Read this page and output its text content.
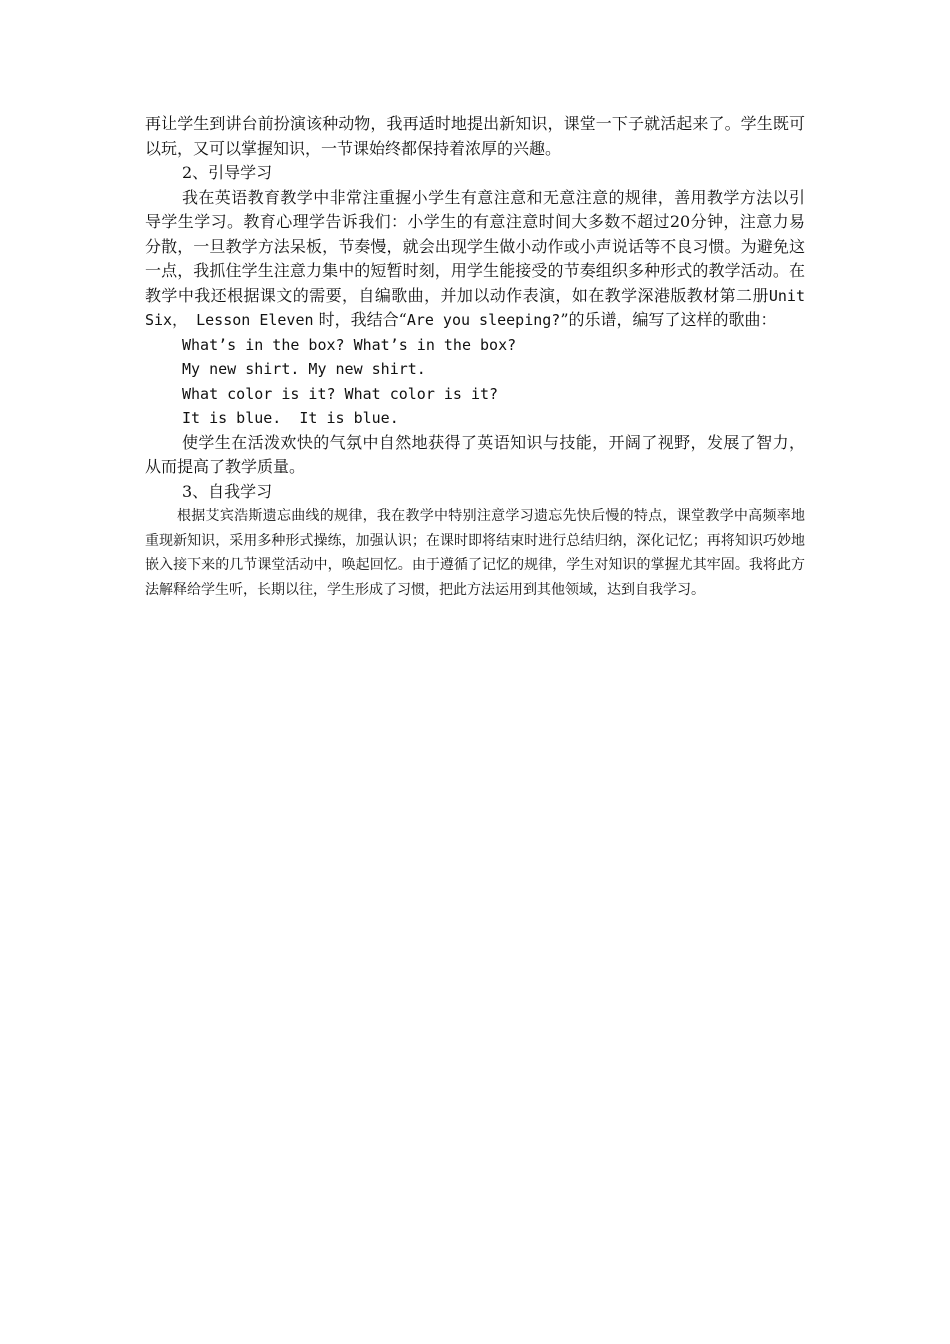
再让学生到讲台前扮演该种动物，我再适时地提出新知识，课堂一下子就活起来了。学生既可以玩，又可以掌握知识，一节课始终都保持着浓厚的兴趣。

2、引导学习

我在英语教育教学中非常注重握小学生有意注意和无意注意的规律，善用教学方法以引导学生学习。教育心理学告诉我们：小学生的有意注意时间大多数不超过20分钟，注意力易分散，一旦教学方法呆板，节奏慢，就会出现学生做小动作或小声说话等不良习惯。为避免这一点，我抓住学生注意力集中的短暂时刻，用学生能接受的节奏组织多种形式的教学活动。在教学中我还根据课文的需要，自编歌曲，并加以动作表演，如在教学深港版教材第二册Unit Six， Lesson Eleven 时，我结合“Are you sleeping?”的乐谱，编写了这样的歌曲：

What’s in the box? What’s in the box?

My new shirt. My new shirt.

What color is it? What color is it?

It is blue.  It is blue.

使学生在活泼欢快的气氛中自然地获得了英语知识与技能，开阔了视野，发展了智力，从而提高了教学质量。

3、自我学习

根据艾宾浩斯遗忘曲线的规律，我在教学中特别注意学习遗忘先快后慢的特点，课堂教学中高频率地重现新知识，采用多种形式操练，加强认识；在课时即将结束时进行总结归纳，深化记忆；再将知识巧妙地嵌入接下来的几节课堂活动中，唤起回忆。由于遵循了记忆的规律，学生对知识的掌握尤其牢固。我将此方法解释给学生听，长期以往，学生形成了习惯，把此方法运用到其他领域，达到自我学习。
